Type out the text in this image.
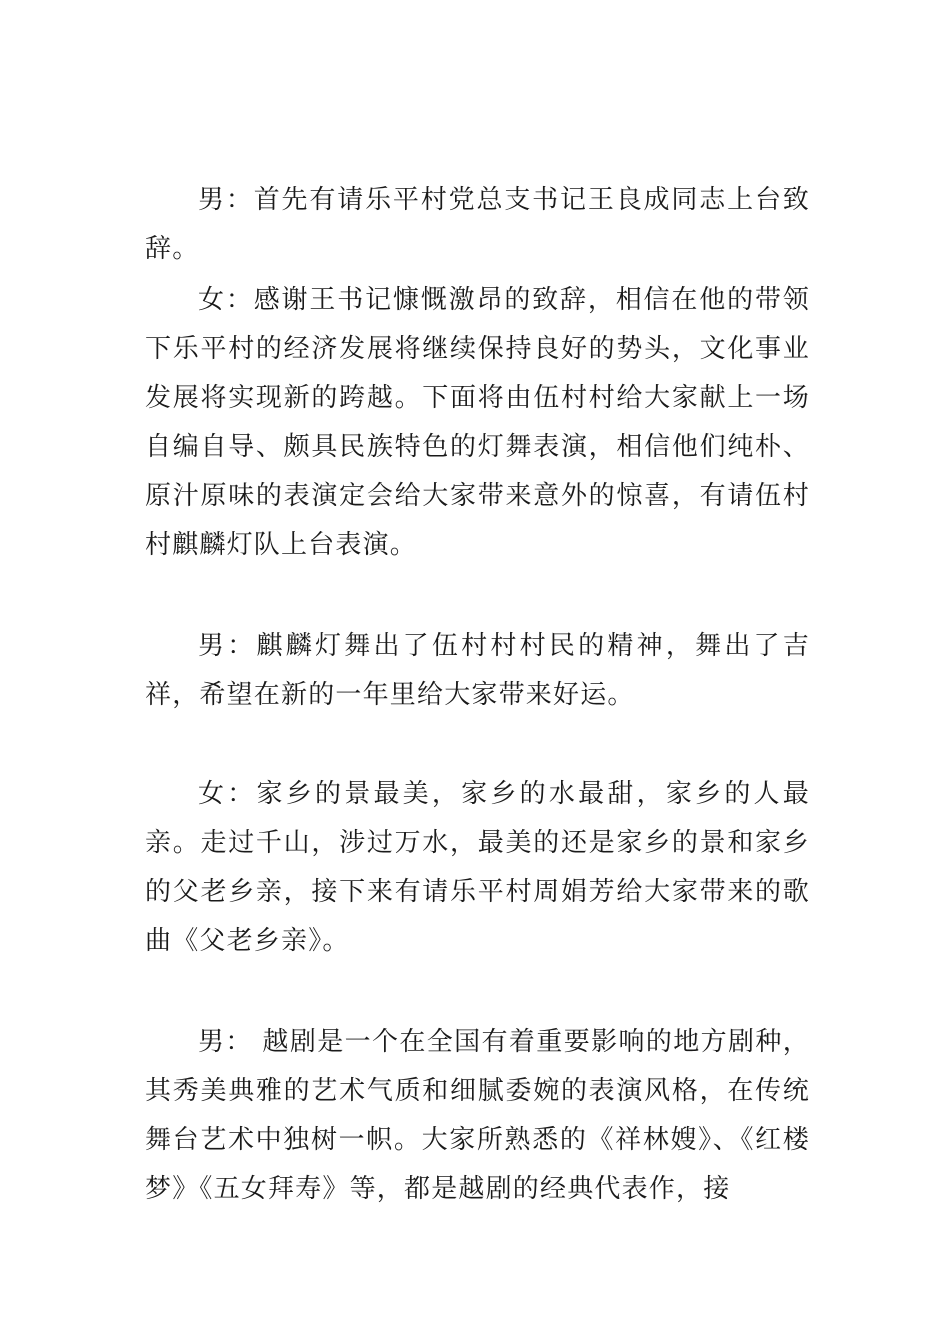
男：首先有请乐平村党总支书记王良成同志上台致辞。

女：感谢王书记慷慨激昂的致辞，相信在他的带领下乐平村的经济发展将继续保持良好的势头，文化事业发展将实现新的跨越。下面将由伍村村给大家献上一场自编自导、颇具民族特色的灯舞表演，相信他们纯朴、原汁原味的表演定会给大家带来意外的惊喜，有请伍村村麒麟灯队上台表演。

男：麒麟灯舞出了伍村村村民的精神，舞出了吉祥，希望在新的一年里给大家带来好运。

女：家乡的景最美，家乡的水最甜，家乡的人最亲。走过千山，涉过万水，最美的还是家乡的景和家乡的父老乡亲，接下来有请乐平村周娟芳给大家带来的歌曲《父老乡亲》。

男： 越剧是一个在全国有着重要影响的地方剧种，其秀美典雅的艺术气质和细腻委婉的表演风格，在传统舞台艺术中独树一帜。大家所熟悉的《祥林嫂》、《红楼梦》《五女拜寿》等，都是越剧的经典代表作，接
